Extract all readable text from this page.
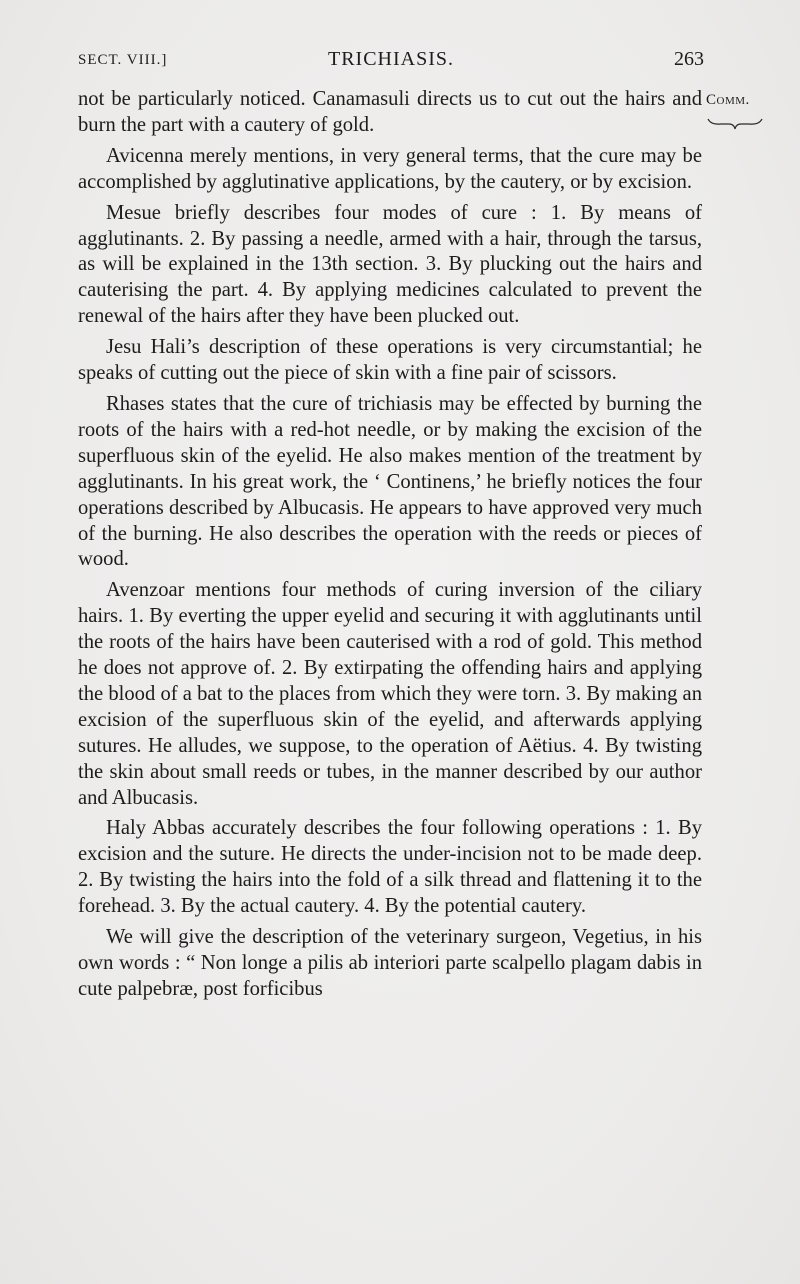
SECT. VIII.]	TRICHIASIS.	263
Comm.

not be particularly noticed. Canamasuli directs us to cut out the hairs and burn the part with a cautery of gold.

Avicenna merely mentions, in very general terms, that the cure may be accomplished by agglutinative applications, by the cautery, or by excision.

Mesue briefly describes four modes of cure : 1. By means of agglutinants. 2. By passing a needle, armed with a hair, through the tarsus, as will be explained in the 13th section. 3. By plucking out the hairs and cauterising the part. 4. By applying medicines calculated to prevent the renewal of the hairs after they have been plucked out.

Jesu Hali’s description of these operations is very circumstantial; he speaks of cutting out the piece of skin with a fine pair of scissors.

Rhases states that the cure of trichiasis may be effected by burning the roots of the hairs with a red-hot needle, or by making the excision of the superfluous skin of the eyelid. He also makes mention of the treatment by agglutinants. In his great work, the ‘ Continens,’ he briefly notices the four operations described by Albucasis. He appears to have approved very much of the burning. He also describes the operation with the reeds or pieces of wood.

Avenzoar mentions four methods of curing inversion of the ciliary hairs. 1. By everting the upper eyelid and securing it with agglutinants until the roots of the hairs have been cauterised with a rod of gold. This method he does not approve of. 2. By extirpating the offending hairs and applying the blood of a bat to the places from which they were torn. 3. By making an excision of the superfluous skin of the eyelid, and afterwards applying sutures. He alludes, we suppose, to the operation of Aëtius. 4. By twisting the skin about small reeds or tubes, in the manner described by our author and Albucasis.

Haly Abbas accurately describes the four following operations : 1. By excision and the suture. He directs the under-incision not to be made deep. 2. By twisting the hairs into the fold of a silk thread and flattening it to the forehead. 3. By the actual cautery. 4. By the potential cautery.

We will give the description of the veterinary surgeon, Vegetius, in his own words : “ Non longe a pilis ab interiori parte scalpello plagam dabis in cute palpebræ, post forficibus
